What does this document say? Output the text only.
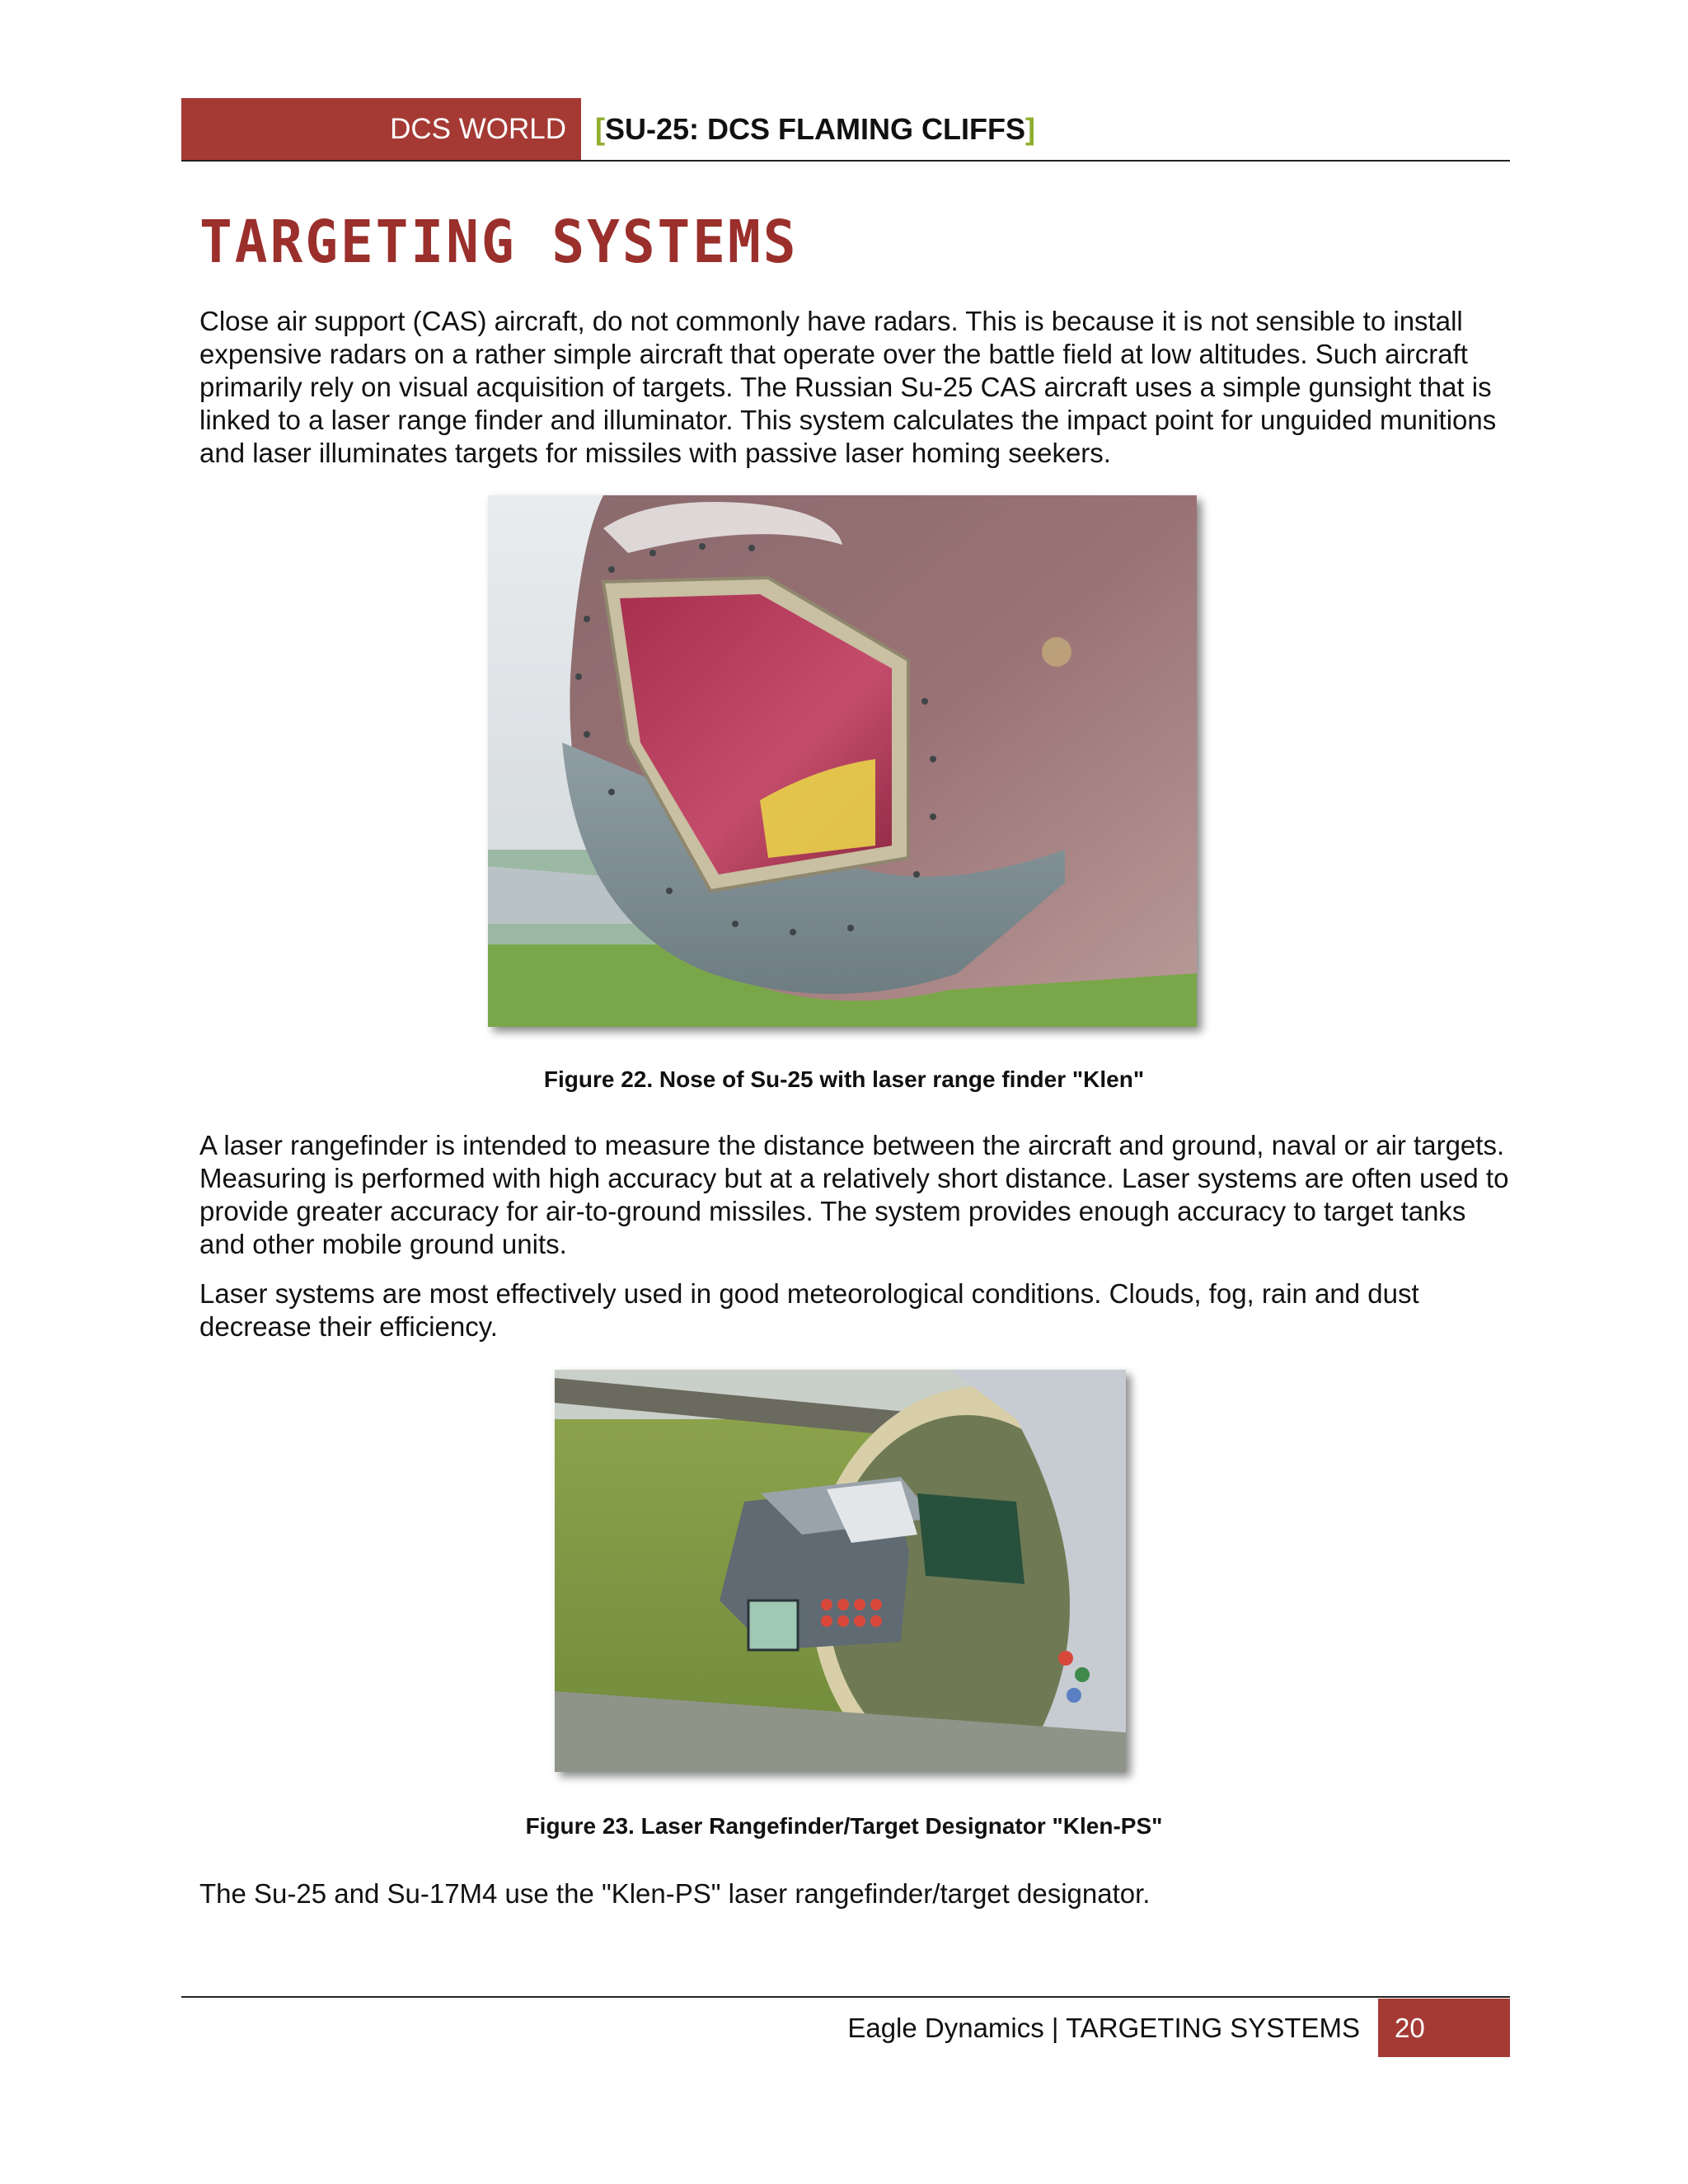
DCS WORLD [SU-25: DCS FLAMING CLIFFS]
TARGETING SYSTEMS

Close air support (CAS) aircraft, do not commonly have radars. This is because it is not sensible to install expensive radars on a rather simple aircraft that operate over the battle field at low altitudes. Such aircraft primarily rely on visual acquisition of targets. The Russian Su-25 CAS aircraft uses a simple gunsight that is linked to a laser range finder and illuminator. This system calculates the impact point for unguided munitions and laser illuminates targets for missiles with passive laser homing seekers.

Figure 22. Nose of Su-25 with laser range finder "Klen"

A laser rangefinder is intended to measure the distance between the aircraft and ground, naval or air targets. Measuring is performed with high accuracy but at a relatively short distance. Laser systems are often used to provide greater accuracy for air-to-ground missiles. The system provides enough accuracy to target tanks and other mobile ground units.

Laser systems are most effectively used in good meteorological conditions. Clouds, fog, rain and dust decrease their efficiency.

Figure 23. Laser Rangefinder/Target Designator "Klen-PS"

The Su-25 and Su-17M4 use the "Klen-PS" laser rangefinder/target designator.

Eagle Dynamics | TARGETING SYSTEMS	20
